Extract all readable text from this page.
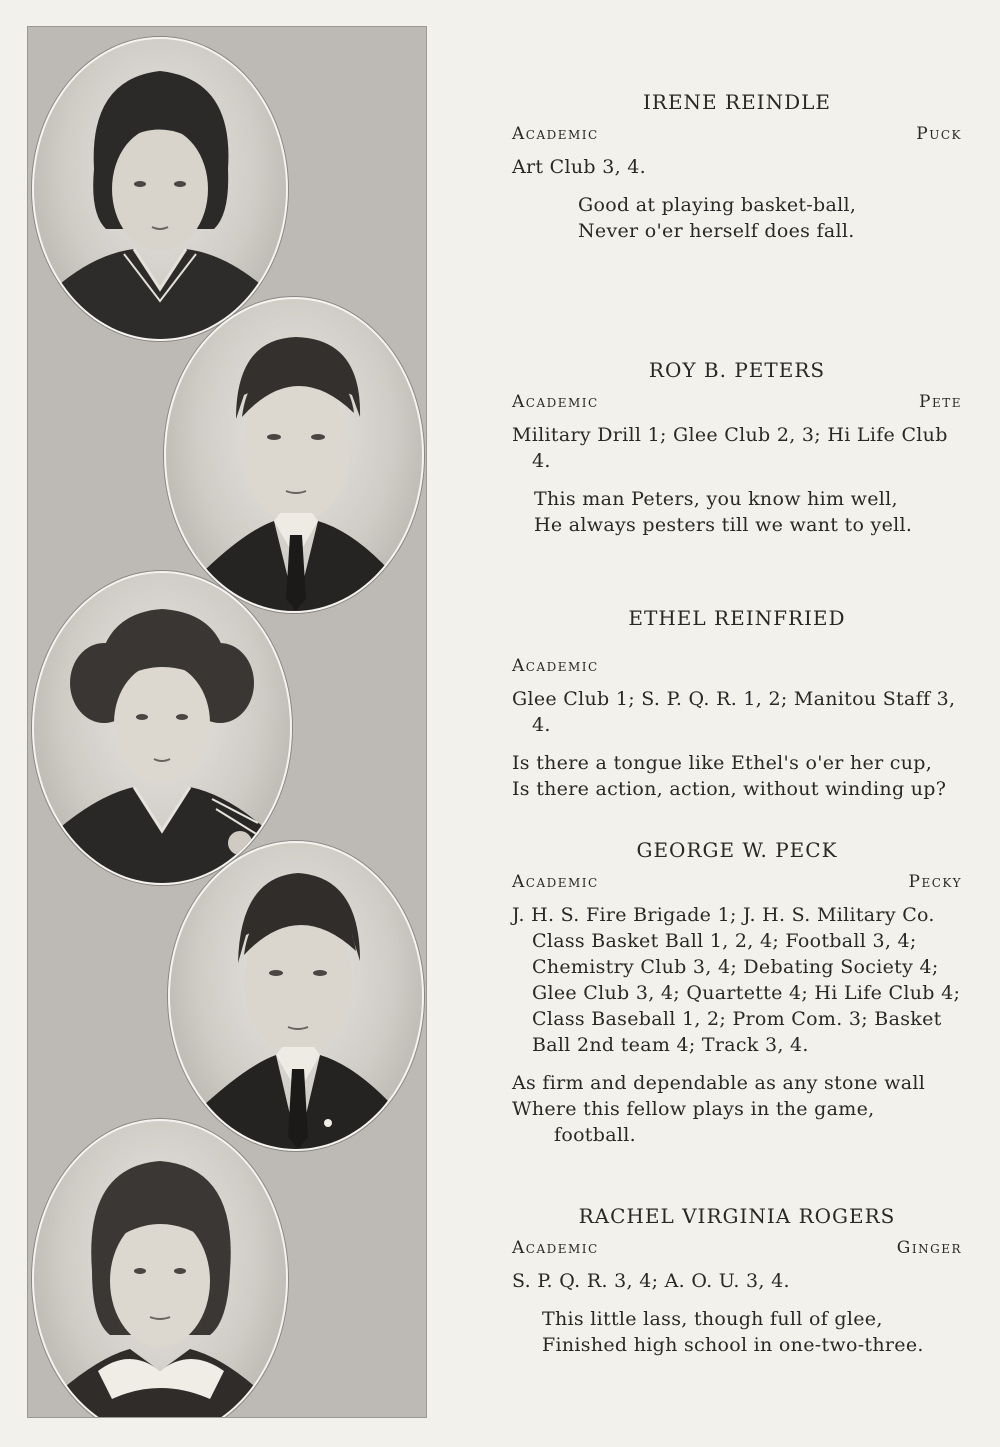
IRENE REINDLE
Academic	Puck
Art Club 3, 4.
Good at playing basket-ball,
Never o'er herself does fall.
ROY B. PETERS
Academic	Pete
Military Drill 1; Glee Club 2, 3; Hi Life Club 4.
This man Peters, you know him well,
He always pesters till we want to yell.
ETHEL REINFRIED
Academic
Glee Club 1; S. P. Q. R. 1, 2; Manitou Staff 3, 4.
Is there a tongue like Ethel's o'er her cup,
Is there action, action, without winding up?
GEORGE W. PECK
Academic	Pecky
J. H. S. Fire Brigade 1; J. H. S. Military Co. Class Basket Ball 1, 2, 4; Football 3, 4; Chemistry Club 3, 4; Debating Society 4; Glee Club 3, 4; Quartette 4; Hi Life Club 4; Class Baseball 1, 2; Prom Com. 3; Basket Ball 2nd team 4; Track 3, 4.
As firm and dependable as any stone wall
Where this fellow plays in the game,
football.
RACHEL VIRGINIA ROGERS
Academic	Ginger
S. P. Q. R. 3, 4; A. O. U. 3, 4.
This little lass, though full of glee,
Finished high school in one-two-three.
